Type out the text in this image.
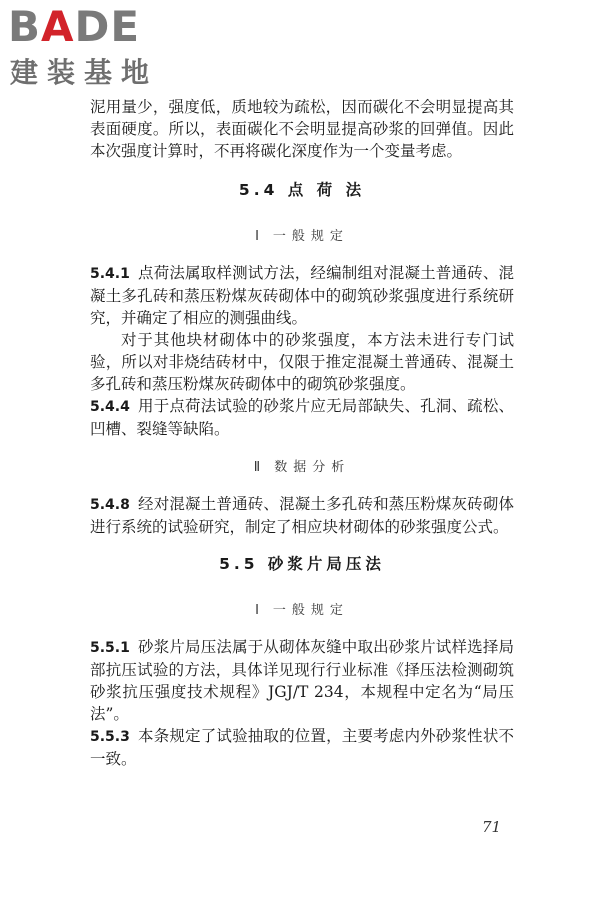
BADE
建装基地

泥用量少，强度低，质地较为疏松，因而碳化不会明显提高其表面硬度。所以，表面碳化不会明显提高砂浆的回弹值。因此本次强度计算时，不再将碳化深度作为一个变量考虑。

5.4 点 荷 法
Ⅰ 一般规定

5.4.1 点荷法属取样测试方法，经编制组对混凝土普通砖、混凝土多孔砖和蒸压粉煤灰砖砌体中的砌筑砂浆强度进行系统研究，并确定了相应的测强曲线。

对于其他块材砌体中的砂浆强度，本方法未进行专门试验，所以对非烧结砖材中，仅限于推定混凝土普通砖、混凝土多孔砖和蒸压粉煤灰砖砌体中的砌筑砂浆强度。

5.4.4 用于点荷法试验的砂浆片应无局部缺失、孔洞、疏松、凹槽、裂缝等缺陷。

Ⅱ 数据分析

5.4.8 经对混凝土普通砖、混凝土多孔砖和蒸压粉煤灰砖砌体进行系统的试验研究，制定了相应块材砌体的砂浆强度公式。

5.5 砂浆片局压法
Ⅰ 一般规定

5.5.1 砂浆片局压法属于从砌体灰缝中取出砂浆片试样选择局部抗压试验的方法，具体详见现行行业标准《择压法检测砌筑砂浆抗压强度技术规程》JGJ/T 234，本规程中定名为“局压法”。

5.5.3 本条规定了试验抽取的位置，主要考虑内外砂浆性状不一致。

71
